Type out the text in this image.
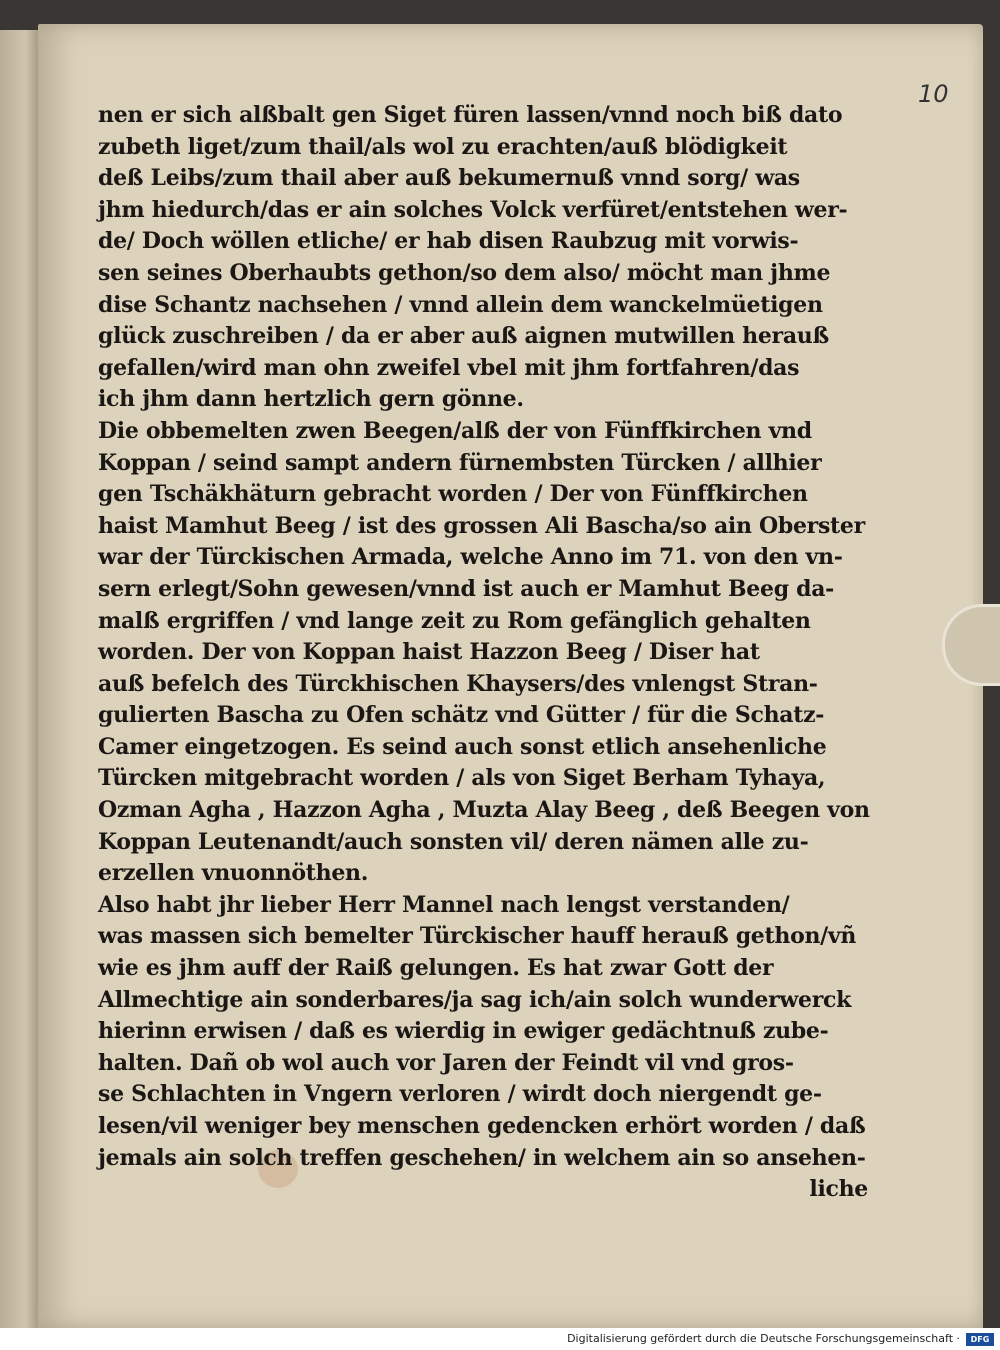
10
nen er sich alßbalt gen Siget füren lassen/vnnd noch biß dato
zubeth liget/zum thail/als wol zu erachten/auß blödigkeit
deß Leibs/zum thail aber auß bekumernuß vnnd sorg/ was
jhm hiedurch/das er ain solches Volck verfüret/entstehen wer-
de/ Doch wöllen etliche/ er hab disen Raubzug mit vorwis-
sen seines Oberhaubts gethon/so dem also/ möcht man jhme
dise Schantz nachsehen / vnnd allein dem wanckelmüetigen
glück zuschreiben / da er aber auß aignen mutwillen herauß
gefallen/wird man ohn zweifel vbel mit jhm fortfahren/das
ich jhm dann hertzlich gern gönne.
Die obbemelten zwen Beegen/alß der von Fünffkirchen vnd
Koppan / seind sampt andern fürnembsten Türcken / allhier
gen Tschäkhäturn gebracht worden / Der von Fünffkirchen
haist Mamhut Beeg / ist des grossen Ali Bascha/so ain Oberster
war der Türckischen Armada, welche Anno im 71. von den vn-
sern erlegt/Sohn gewesen/vnnd ist auch er Mamhut Beeg da-
malß ergriffen / vnd lange zeit zu Rom gefänglich gehalten
worden. Der von Koppan haist Hazzon Beeg / Diser hat
auß befelch des Türckhischen Khaysers/des vnlengst Stran-
gulierten Bascha zu Ofen schätz vnd Gütter / für die Schatz-
Camer eingetzogen. Es seind auch sonst etlich ansehenliche
Türcken mitgebracht worden / als von Siget Berham Tyhaya,
Ozman Agha , Hazzon Agha , Muzta Alay Beeg , deß Beegen von
Koppan Leutenandt/auch sonsten vil/ deren nämen alle zu-
erzellen vnuonnöthen.
Also habt jhr lieber Herr Mannel nach lengst verstanden/
was massen sich bemelter Türckischer hauff herauß gethon/vñ
wie es jhm auff der Raiß gelungen. Es hat zwar Gott der
Allmechtige ain sonderbares/ja sag ich/ain solch wunderwerck
hierinn erwisen / daß es wierdig in ewiger gedächtnuß zube-
halten. Dañ ob wol auch vor Jaren der Feindt vil vnd gros-
se Schlachten in Vngern verloren / wirdt doch niergendt ge-
lesen/vil weniger bey menschen gedencken erhört worden / daß
jemals ain solch treffen geschehen/ in welchem ain so ansehen-
liche
Digitalisierung gefördert durch die Deutsche Forschungsgemeinschaft ·	DFG
